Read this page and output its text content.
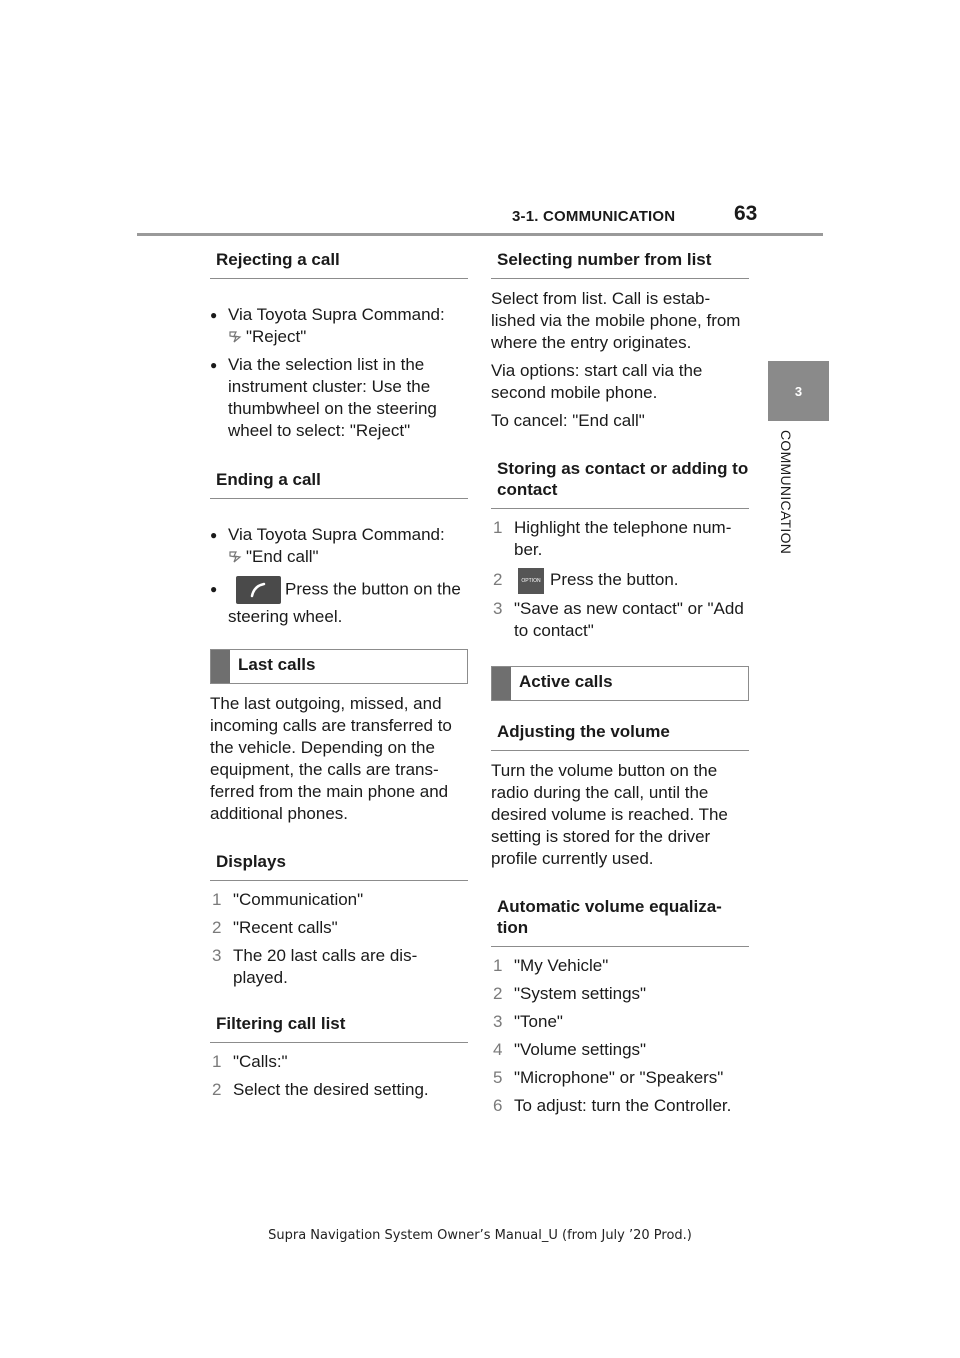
3-1. COMMUNICATION	63
3
COMMUNICATION
Rejecting a call

● Via Toyota Supra Command:

"Reject"

● Via the selection list in the instrument cluster: Use the thumbwheel on the steering wheel to select: "Reject"
Ending a call

● Via Toyota Supra Command:

"End call"

● Press the button on the steering wheel.
Last calls

The last outgoing, missed, and incoming calls are transferred to the vehicle. Depending on the equipment, the calls are trans-ferred from the main phone and additional phones.

Displays
1 "Communication"
2 "Recent calls"
3 The 20 last calls are dis-played.
Filtering call list
1 "Calls:"
2 Select the desired setting.
Selecting number from list

Select from list. Call is estab-lished via the mobile phone, from where the entry originates.

Via options: start call via the second mobile phone.

To cancel: "End call"

Storing as contact or adding to contact
1 Highlight the telephone num-ber.
2	OPTION Press the button.
3 "Save as new contact" or "Add to contact"
Active calls
Adjusting the volume

Turn the volume button on the radio during the call, until the desired volume is reached. The setting is stored for the driver profile currently used.

Automatic volume equaliza-tion
1 "My Vehicle"
2 "System settings"
3 "Tone"
4 "Volume settings"
5 "Microphone" or "Speakers"
6 To adjust: turn the Controller.
Supra Navigation System Owner’s Manual_U (from July ’20 Prod.)
